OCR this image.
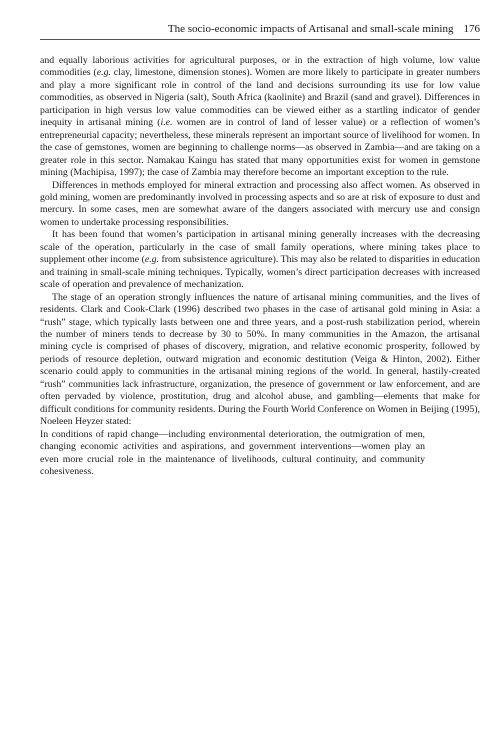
The socio-economic impacts of Artisanal and small-scale mining 176

and equally laborious activities for agricultural purposes, or in the extraction of high volume, low value commodities (e.g. clay, limestone, dimension stones). Women are more likely to participate in greater numbers and play a more significant role in control of the land and decisions surrounding its use for low value commodities, as observed in Nigeria (salt), South Africa (kaolinite) and Brazil (sand and gravel). Differences in participation in high versus low value commodities can be viewed either as a startling indicator of gender inequity in artisanal mining (i.e. women are in control of land of lesser value) or a reflection of women’s entrepreneurial capacity; nevertheless, these minerals represent an important source of livelihood for women. In the case of gemstones, women are beginning to challenge norms—as observed in Zambia—and are taking on a greater role in this sector. Namakau Kaingu has stated that many opportunities exist for women in gemstone mining (Machipisa, 1997); the case of Zambia may therefore become an important exception to the rule.

Differences in methods employed for mineral extraction and processing also affect women. As observed in gold mining, women are predominantly involved in processing aspects and so are at risk of exposure to dust and mercury. In some cases, men are somewhat aware of the dangers associated with mercury use and consign women to undertake processing responsibilities.

It has been found that women’s participation in artisanal mining generally increases with the decreasing scale of the operation, particularly in the case of small family operations, where mining takes place to supplement other income (e.g. from subsistence agriculture). This may also be related to disparities in education and training in small-scale mining techniques. Typically, women’s direct participation decreases with increased scale of operation and prevalence of mechanization.

The stage of an operation strongly influences the nature of artisanal mining communities, and the lives of residents. Clark and Cook-Clark (1996) described two phases in the case of artisanal gold mining in Asia: a “rush” stage, which typically lasts between one and three years, and a post-rush stabilization period, wherein the number of miners tends to decrease by 30 to 50%. In many communities in the Amazon, the artisanal mining cycle is comprised of phases of discovery, migration, and relative economic prosperity, followed by periods of resource depletion, outward migration and economic destitution (Veiga & Hinton, 2002). Either scenario could apply to communities in the artisanal mining regions of the world. In general, hastily-created “rush” communities lack infrastructure, organization, the presence of government or law enforcement, and are often pervaded by violence, prostitution, drug and alcohol abuse, and gambling—elements that make for difficult conditions for community residents. During the Fourth World Conference on Women in Beijing (1995), Noeleen Heyzer stated:

In conditions of rapid change—including environmental deterioration, the outmigration of men, changing economic activities and aspirations, and government interventions—women play an even more crucial role in the maintenance of livelihoods, cultural continuity, and community cohesiveness.
